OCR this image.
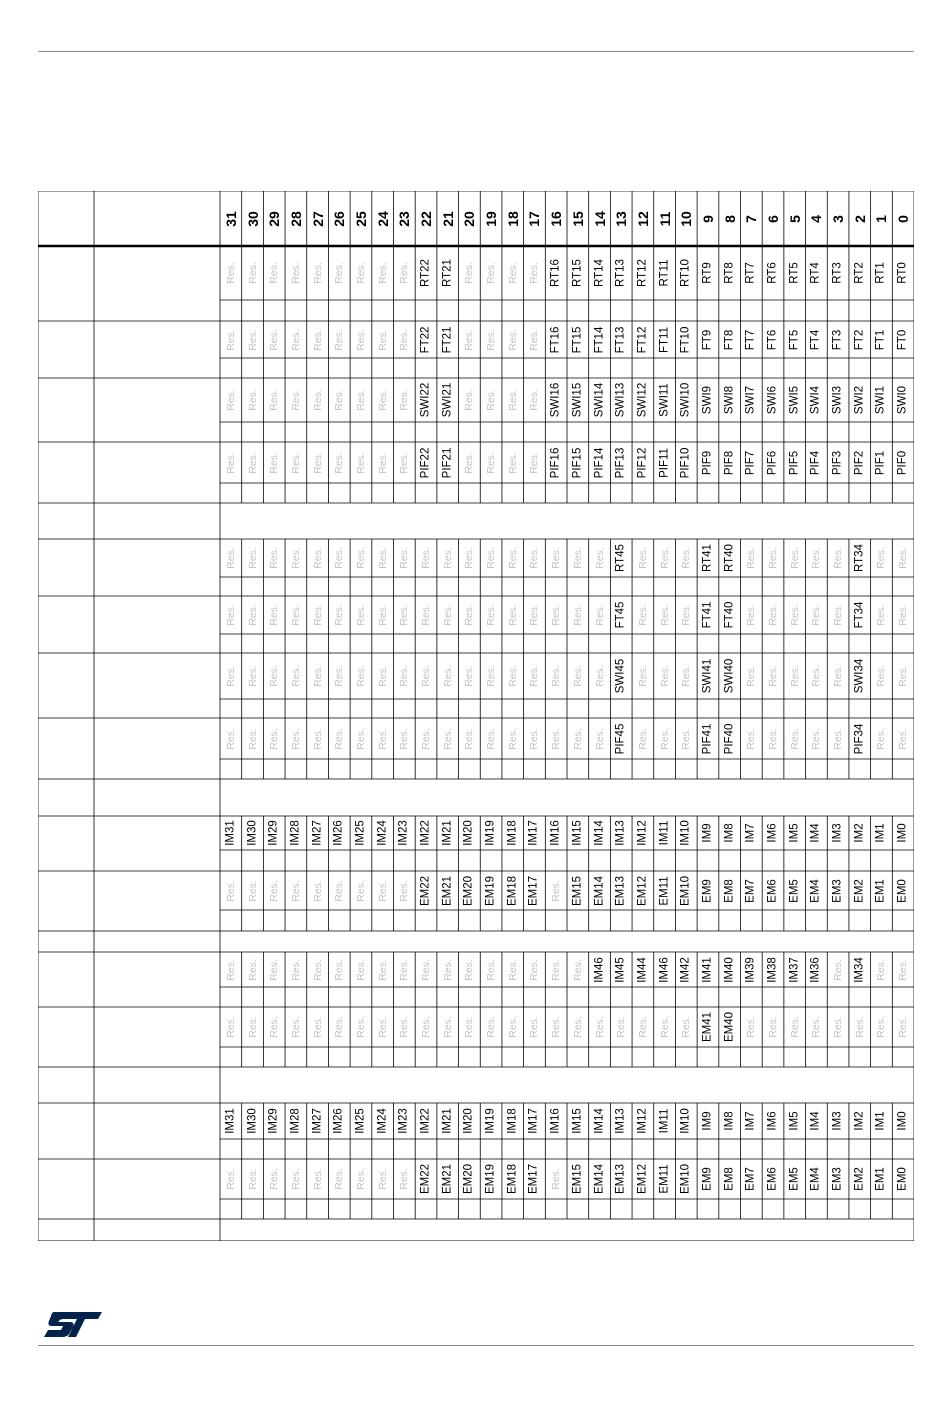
31 30 29 28 27 26 25 24 23 22 21 20 19 18 17 16 15 14 13 12 11 10 9 8 7 6 5 4 3 2 1 0
Res. Res. Res. Res. Res. Res. Res. Res. Res. RT22 RT21 Res. Res. Res. Res. RT16 RT15 RT14 RT13 RT12 RT11 RT10 RT9 RT8 RT7 RT6 RT5 RT4 RT3 RT2 RT1 RT0
Res. Res. Res. Res. Res. Res. Res. Res. Res. FT22 FT21 Res. Res. Res. Res. FT16 FT15 FT14 FT13 FT12 FT11 FT10 FT9 FT8 FT7 FT6 FT5 FT4 FT3 FT2 FT1 FT0
Res. Res. Res. Res. Res. Res. Res. Res. Res. SWI22 SWI21 Res. Res. Res. Res. SWI16 SWI15 SWI14 SWI13 SWI12 SWI11 SWI10 SWI9 SWI8 SWI7 SWI6 SWI5 SWI4 SWI3 SWI2 SWI1 SWI0
Res. Res. Res. Res. Res. Res. Res. Res. Res. PIF22 PIF21 Res. Res. Res. Res. PIF16 PIF15 PIF14 PIF13 PIF12 PIF11 PIF10 PIF9 PIF8 PIF7 PIF6 PIF5 PIF4 PIF3 PIF2 PIF1 PIF0
Res. Res. Res. Res. Res. Res. Res. Res. Res. Res. Res. Res. Res. Res. Res. Res. Res. Res. RT45 Res. Res. Res. RT41 RT40 Res. Res. Res. Res. Res. RT34 Res. Res.
Res. Res. Res. Res. Res. Res. Res. Res. Res. Res. Res. Res. Res. Res. Res. Res. Res. Res. FT45 Res. Res. Res. FT41 FT40 Res. Res. Res. Res. Res. FT34 Res. Res.
Res. Res. Res. Res. Res. Res. Res. Res. Res. Res. Res. Res. Res. Res. Res. Res. Res. Res. SWI45 Res. Res. Res. SWI41 SWI40 Res. Res. Res. Res. Res. SWI34 Res. Res.
Res. Res. Res. Res. Res. Res. Res. Res. Res. Res. Res. Res. Res. Res. Res. Res. Res. Res. PIF45 Res. Res. Res. PIF41 PIF40 Res. Res. Res. Res. Res. PIF34 Res. Res.
IM31 IM30 IM29 IM28 IM27 IM26 IM25 IM24 IM23 IM22 IM21 IM20 IM19 IM18 IM17 IM16 IM15 IM14 IM13 IM12 IM11 IM10 IM9 IM8 IM7 IM6 IM5 IM4 IM3 IM2 IM1 IM0
Res. Res. Res. Res. Res. Res. Res. Res. Res. EM22 EM21 EM20 EM19 EM18 EM17 Res. EM15 EM14 EM13 EM12 EM11 EM10 EM9 EM8 EM7 EM6 EM5 EM4 EM3 EM2 EM1 EM0
Res. Res. Res. Res. Res. Res. Res. Res. Res. Res. Res. Res. Res. Res. Res. Res. Res. IM46 IM45 IM44 IM46 IM42 IM41 IM40 IM39 IM38 IM37 IM36 Res. IM34 Res. Res.
Res. Res. Res. Res. Res. Res. Res. Res. Res. Res. Res. Res. Res. Res. Res. Res. Res. Res. Res. Res. Res. Res. EM41 EM40 Res. Res. Res. Res. Res. Res. Res. Res.
IM31 IM30 IM29 IM28 IM27 IM26 IM25 IM24 IM23 IM22 IM21 IM20 IM19 IM18 IM17 IM16 IM15 IM14 IM13 IM12 IM11 IM10 IM9 IM8 IM7 IM6 IM5 IM4 IM3 IM2 IM1 IM0
Res. Res. Res. Res. Res. Res. Res. Res. Res. EM22 EM21 EM20 EM19 EM18 EM17 Res. EM15 EM14 EM13 EM12 EM11 EM10 EM9 EM8 EM7 EM6 EM5 EM4 EM3 EM2 EM1 EM0
